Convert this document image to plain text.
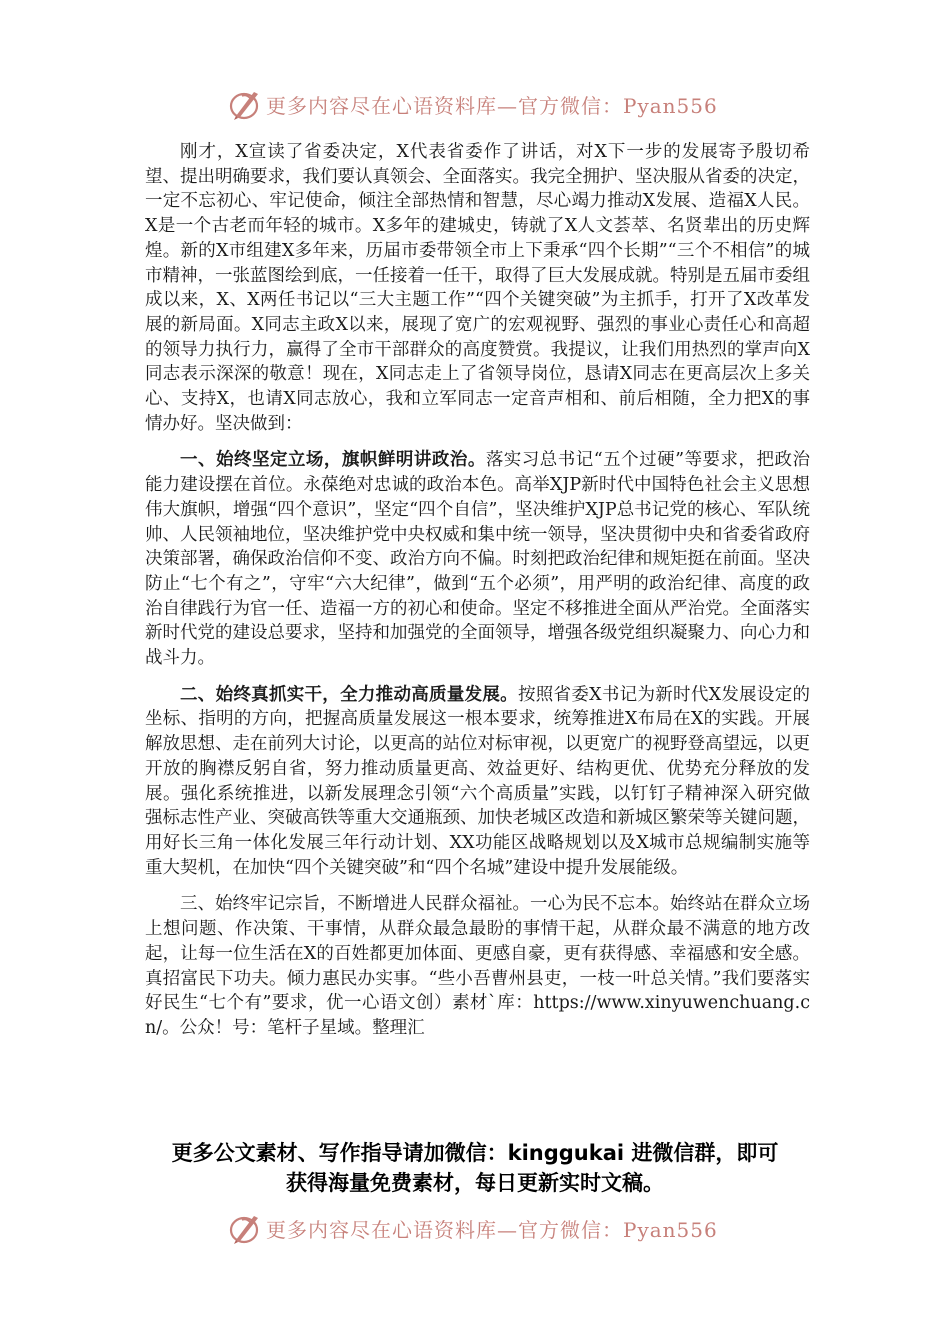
更多内容尽在心语资料库—官方微信：Pyan556

刚才，X宣读了省委决定，X代表省委作了讲话，对X下一步的发展寄予殷切希望、提出明确要求，我们要认真领会、全面落实。我完全拥护、坚决服从省委的决定，一定不忘初心、牢记使命，倾注全部热情和智慧，尽心竭力推动X发展、造福X人民。X是一个古老而年轻的城市。X多年的建城史，铸就了X人文荟萃、名贤辈出的历史辉煌。新的X市组建X多年来，历届市委带领全市上下秉承“四个长期”“三个不相信”的城市精神，一张蓝图绘到底，一任接着一任干，取得了巨大发展成就。特别是五届市委组成以来，X、X两任书记以“三大主题工作”“四个关键突破”为主抓手，打开了X改革发展的新局面。X同志主政X以来，展现了宽广的宏观视野、强烈的事业心责任心和高超的领导力执行力，赢得了全市干部群众的高度赞赏。我提议，让我们用热烈的掌声向X同志表示深深的敬意！现在，X同志走上了省领导岗位，恳请X同志在更高层次上多关心、支持X，也请X同志放心，我和立军同志一定音声相和、前后相随，全力把X的事情办好。坚决做到：

一、始终坚定立场，旗帜鲜明讲政治。落实习总书记“五个过硬”等要求，把政治能力建设摆在首位。永葆绝对忠诚的政治本色。高举XJP新时代中国特色社会主义思想伟大旗帜，增强“四个意识”，坚定“四个自信”，坚决维护XJP总书记党的核心、军队统帅、人民领袖地位，坚决维护党中央权威和集中统一领导，坚决贯彻中央和省委省政府决策部署，确保政治信仰不变、政治方向不偏。时刻把政治纪律和规矩挺在前面。坚决防止“七个有之”，守牢“六大纪律”，做到“五个必须”，用严明的政治纪律、高度的政治自律践行为官一任、造福一方的初心和使命。坚定不移推进全面从严治党。全面落实新时代党的建设总要求，坚持和加强党的全面领导，增强各级党组织凝聚力、向心力和战斗力。

二、始终真抓实干，全力推动高质量发展。按照省委X书记为新时代X发展设定的坐标、指明的方向，把握高质量发展这一根本要求，统筹推进X布局在X的实践。开展解放思想、走在前列大讨论，以更高的站位对标审视，以更宽广的视野登高望远，以更开放的胸襟反躬自省，努力推动质量更高、效益更好、结构更优、优势充分释放的发展。强化系统推进，以新发展理念引领“六个高质量”实践，以钉钉子精神深入研究做强标志性产业、突破高铁等重大交通瓶颈、加快老城区改造和新城区繁荣等关键问题，用好长三角一体化发展三年行动计划、XX功能区战略规划以及X城市总规编制实施等重大契机，在加快“四个关键突破”和“四个名城”建设中提升发展能级。

三、始终牢记宗旨，不断增进人民群众福祉。一心为民不忘本。始终站在群众立场上想问题、作决策、干事情，从群众最急最盼的事情干起，从群众最不满意的地方改起，让每一位生活在X的百姓都更加体面、更感自豪，更有获得感、幸福感和安全感。真招富民下功夫。倾力惠民办实事。“些小吾曹州县吏，一枝一叶总关情。”我们要落实好民生“七个有”要求，优一心语文创）素材`库：https://www.xinyuwenchuang.cn/。公众！号：笔杆子星域。整理汇

更多公文素材、写作指导请加微信：kinggukai 进微信群，即可
获得海量免费素材，每日更新实时文稿。
更多内容尽在心语资料库—官方微信：Pyan556
